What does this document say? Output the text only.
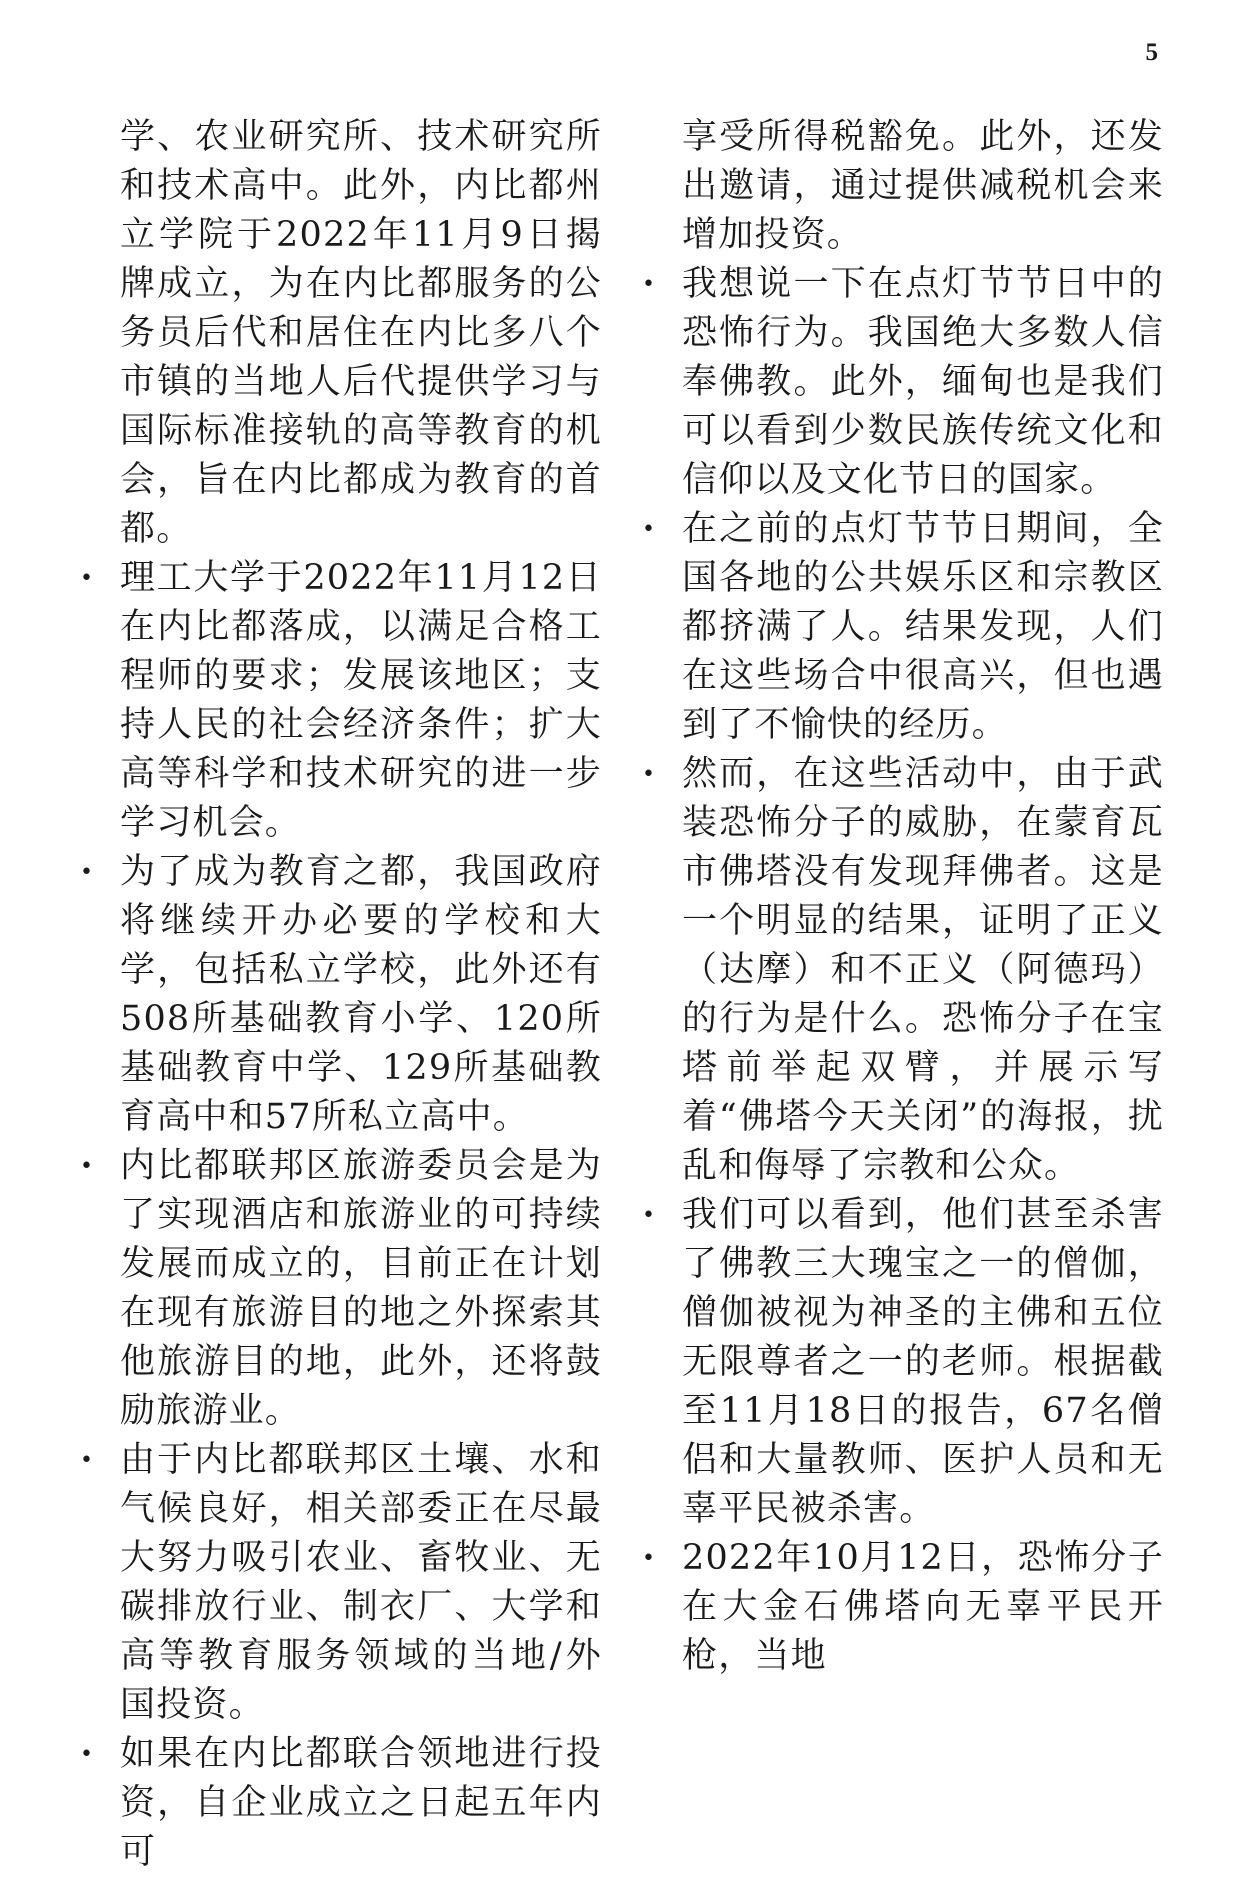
5
学、农业研究所、技术研究所和技术高中。此外，内比都州立学院于2022年11月9日揭牌成立，为在内比都服务的公务员后代和居住在内比多八个市镇的当地人后代提供学习与国际标准接轨的高等教育的机会，旨在内比都成为教育的首都。
• 理工大学于2022年11月12日在内比都落成，以满足合格工程师的要求；发展该地区；支持人民的社会经济条件；扩大高等科学和技术研究的进一步学习机会。
• 为了成为教育之都，我国政府将继续开办必要的学校和大学，包括私立学校，此外还有508所基础教育小学、120所基础教育中学、129所基础教育高中和57所私立高中。
• 内比都联邦区旅游委员会是为了实现酒店和旅游业的可持续发展而成立的，目前正在计划在现有旅游目的地之外探索其他旅游目的地，此外，还将鼓励旅游业。
• 由于内比都联邦区土壤、水和气候良好，相关部委正在尽最大努力吸引农业、畜牧业、无碳排放行业、制衣厂、大学和高等教育服务领域的当地/外国投资。
• 如果在内比都联合领地进行投资，自企业成立之日起五年内可
享受所得税豁免。此外，还发出邀请，通过提供减税机会来增加投资。
• 我想说一下在点灯节节日中的恐怖行为。我国绝大多数人信奉佛教。此外，缅甸也是我们可以看到少数民族传统文化和信仰以及文化节日的国家。
• 在之前的点灯节节日期间，全国各地的公共娱乐区和宗教区都挤满了人。结果发现，人们在这些场合中很高兴，但也遇到了不愉快的经历。
• 然而，在这些活动中，由于武装恐怖分子的威胁，在蒙育瓦市佛塔没有发现拜佛者。这是一个明显的结果，证明了正义（达摩）和不正义（阿德玛）的行为是什么。恐怖分子在宝塔前举起双臂，并展示写着“佛塔今天关闭”的海报，扰乱和侮辱了宗教和公众。
• 我们可以看到，他们甚至杀害了佛教三大瑰宝之一的僧伽，僧伽被视为神圣的主佛和五位无限尊者之一的老师。根据截至11月18日的报告，67名僧侣和大量教师、医护人员和无辜平民被杀害。
• 2022年10月12日，恐怖分子在大金石佛塔向无辜平民开枪，当地
